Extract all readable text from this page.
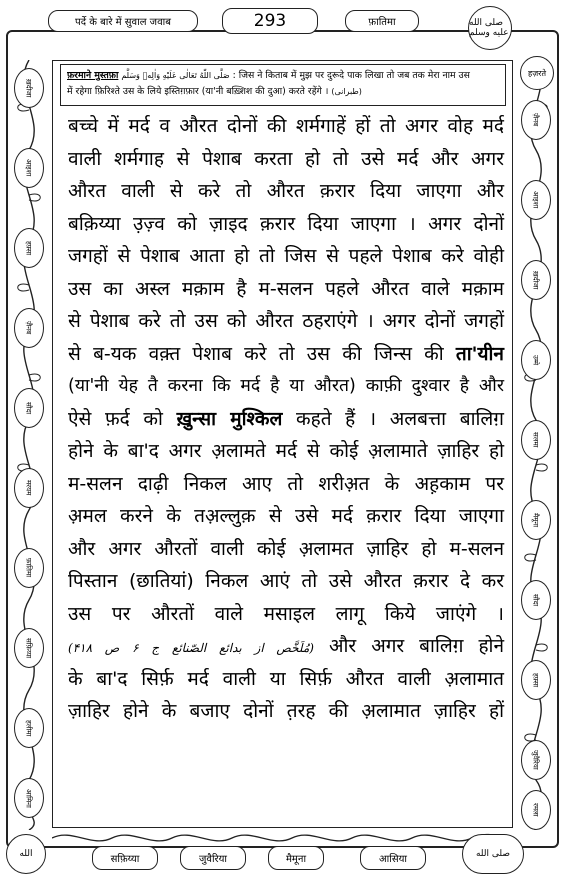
ख़दीजा
आइशा
हफ़्सा
ज़ैनब
सौदा
मरयम
फ़ातिमा
सफ़िय्या
हलीमा
आमिना
ज़ैनब
आइशा
ख़दीजा
उम्मे
सलमा
मैमूना
सौदा
हफ़्सा
जुवैरिया
रमला
पर्दे के बारे में सुवाल जवाब	293	फ़ातिमा	صلى الله عليه وسلم
हज़रते
الله	صلى الله
फ़रमाने मुस्तफ़ा صَلَّى اللّٰهُ تَعَالٰی عَلَیْهِ وَاٰلِهٖ وَسَلَّم : जिस ने किताब में मुझ पर दुरूदे पाक लिखा तो जब तक मेरा नाम उस
में रहेगा फ़िरिश्ते उस के लिये इस्तिग़फ़ार (या'नी बख़्शिश की दुआ) करते रहेंगे । (طبرانی)
बच्चे में मर्द व औरत दोनों की शर्मगाहें हों तो अगर वोह मर्द
वाली शर्मगाह से पेशाब करता हो तो उसे मर्द और अगर
औरत वाली से करे तो औरत क़रार दिया जाएगा और
बक़िय्या उ़ज़्व को ज़ाइद क़रार दिया जाएगा । अगर दोनों
जगहों से पेशाब आता हो तो जिस से पहले पेशाब करे वोही
उस का अस्ल मक़ाम है म-सलन पहले औरत वाले मक़ाम
से पेशाब करे तो उस को औरत ठहराएंगे । अगर दोनों जगहों
से ब-यक वक़्त पेशाब करे तो उस की जिन्स की ता'यीन
(या'नी येह तै करना कि मर्द है या औरत) काफ़ी दुश्वार है और
ऐसे फ़र्द को ख़ुन्सा मुश्किल कहते हैं । अलबत्ता बालिग़
होने के बा'द अगर अ़लामते मर्द से कोई अ़लामाते ज़ाहिर हो
म-सलन दाढ़ी निकल आए तो शरीअ़त के अह़काम पर
अ़मल करने के तअ़ल्लुक़ से उसे मर्द क़रार दिया जाएगा
और अगर औरतों वाली कोई अ़लामत ज़ाहिर हो म-सलन
पिस्तान (छातियां) निकल आएं तो उसे औरत क़रार दे कर
उस पर औरतों वाले मसाइल लागू किये जाएंगे ।
(مُلَخَّص از بدائع الصّنائع ج ۶ ص ۴۱۸) और अगर बालिग़ होने
के बा'द सिर्फ़ मर्द वाली या सिर्फ़ औरत वाली अ़लामात
ज़ाहिर होने के बजाए दोनों त़रह की अ़लामात ज़ाहिर हों
सफ़िय्या	जुवैरिया	मैमूना	आसिया
